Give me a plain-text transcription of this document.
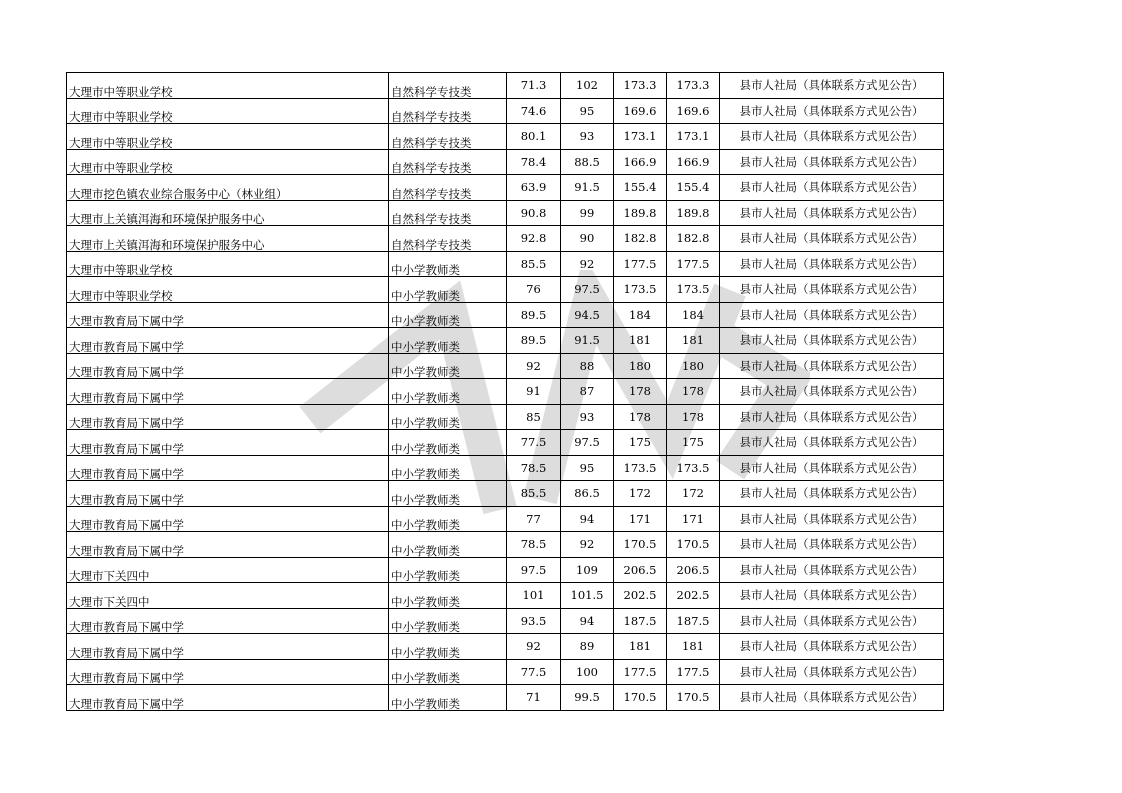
大理市中等职业学校	自然科学专技类	71.3	102	173.3	173.3	县市人社局（具体联系方式见公告）
大理市中等职业学校	自然科学专技类	74.6	95	169.6	169.6	县市人社局（具体联系方式见公告）
大理市中等职业学校	自然科学专技类	80.1	93	173.1	173.1	县市人社局（具体联系方式见公告）
大理市中等职业学校	自然科学专技类	78.4	88.5	166.9	166.9	县市人社局（具体联系方式见公告）
大理市挖色镇农业综合服务中心（林业组）	自然科学专技类	63.9	91.5	155.4	155.4	县市人社局（具体联系方式见公告）
大理市上关镇洱海和环境保护服务中心	自然科学专技类	90.8	99	189.8	189.8	县市人社局（具体联系方式见公告）
大理市上关镇洱海和环境保护服务中心	自然科学专技类	92.8	90	182.8	182.8	县市人社局（具体联系方式见公告）
大理市中等职业学校	中小学教师类	85.5	92	177.5	177.5	县市人社局（具体联系方式见公告）
大理市中等职业学校	中小学教师类	76	97.5	173.5	173.5	县市人社局（具体联系方式见公告）
大理市教育局下属中学	中小学教师类	89.5	94.5	184	184	县市人社局（具体联系方式见公告）
大理市教育局下属中学	中小学教师类	89.5	91.5	181	181	县市人社局（具体联系方式见公告）
大理市教育局下属中学	中小学教师类	92	88	180	180	县市人社局（具体联系方式见公告）
大理市教育局下属中学	中小学教师类	91	87	178	178	县市人社局（具体联系方式见公告）
大理市教育局下属中学	中小学教师类	85	93	178	178	县市人社局（具体联系方式见公告）
大理市教育局下属中学	中小学教师类	77.5	97.5	175	175	县市人社局（具体联系方式见公告）
大理市教育局下属中学	中小学教师类	78.5	95	173.5	173.5	县市人社局（具体联系方式见公告）
大理市教育局下属中学	中小学教师类	85.5	86.5	172	172	县市人社局（具体联系方式见公告）
大理市教育局下属中学	中小学教师类	77	94	171	171	县市人社局（具体联系方式见公告）
大理市教育局下属中学	中小学教师类	78.5	92	170.5	170.5	县市人社局（具体联系方式见公告）
大理市下关四中	中小学教师类	97.5	109	206.5	206.5	县市人社局（具体联系方式见公告）
大理市下关四中	中小学教师类	101	101.5	202.5	202.5	县市人社局（具体联系方式见公告）
大理市教育局下属中学	中小学教师类	93.5	94	187.5	187.5	县市人社局（具体联系方式见公告）
大理市教育局下属中学	中小学教师类	92	89	181	181	县市人社局（具体联系方式见公告）
大理市教育局下属中学	中小学教师类	77.5	100	177.5	177.5	县市人社局（具体联系方式见公告）
大理市教育局下属中学	中小学教师类	71	99.5	170.5	170.5	县市人社局（具体联系方式见公告）
